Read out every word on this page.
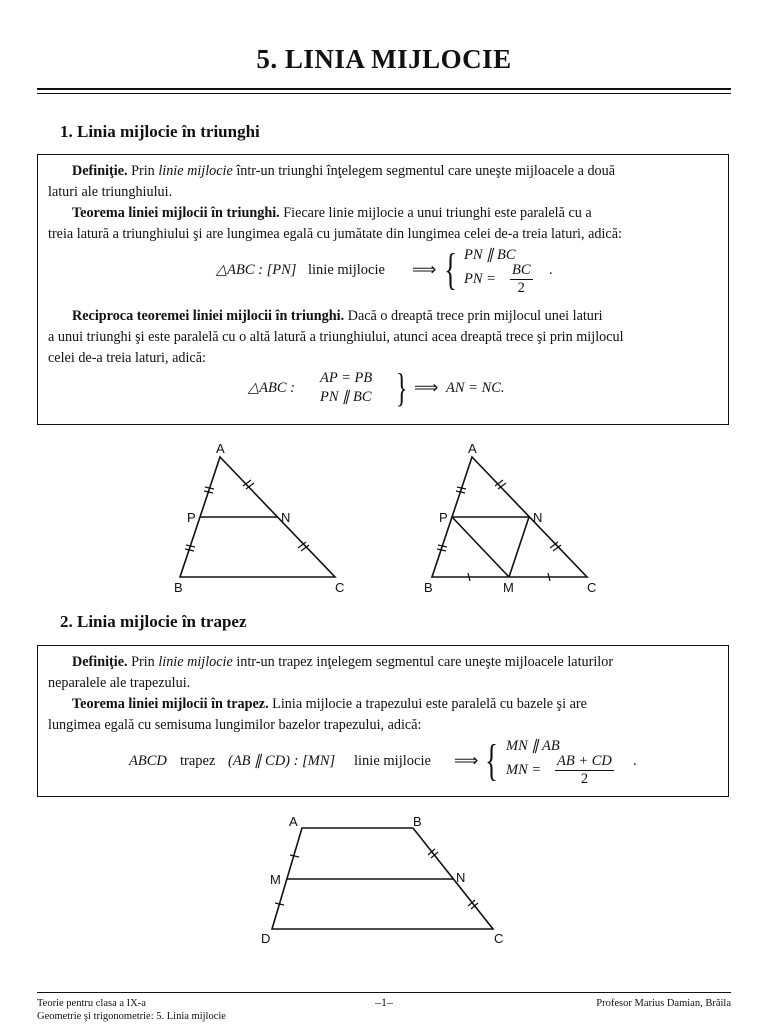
5. LINIA MIJLOCIE
1. Linia mijlocie în triunghi
Definiţie. Prin linie mijlocie într-un triunghi înţelegem segmentul care uneşte mijloacele a două
laturi ale triunghiului.
Teorema liniei mijlocii în triunghi. Fiecare linie mijlocie a unui triunghi este paralelă cu a
treia latură a triunghiului şi are lungimea egală cu jumătate din lungimea celei de-a treia laturi, adică:
△ABC : [PN] linie mijlocie ⟹ { PN ∥ BC
PN = $\frac{BC}{2}$ .
Reciproca teoremei liniei mijlocii în triunghi. Dacă o dreaptă trece prin mijlocul unei laturi
a unui triunghi şi este paralelă cu o altă latură a triunghiului, atunci acea dreaptă trece şi prin mijlocul
celei de-a treia laturi, adică:
△ABC :
AP = PB
PN ∥ BC } ⟹ AN = NC.
A
B	C
P	N
A
B	C
P	N
M
2. Linia mijlocie în trapez
Definiţie. Prin linie mijlocie intr-un trapez inţelegem segmentul care uneşte mijloacele laturilor
neparalele ale trapezului.
Teorema liniei mijlocii în trapez. Linia mijlocie a trapezului este paralelă cu bazele şi are
lungimea egală cu semisuma lungimilor bazelor trapezului, adică:
ABCD trapez (AB ∥ CD) : [MN] linie mijlocie ⟹ { MN ∥ AB
MN = $\frac{AB + CD}{2}$ .
A	B
C
D
M	N
Teorie pentru clasa a IX-a
Geometrie şi trigonometrie: 5. Linia mijlocie
–1–	Profesor Marius Damian, Brăila
